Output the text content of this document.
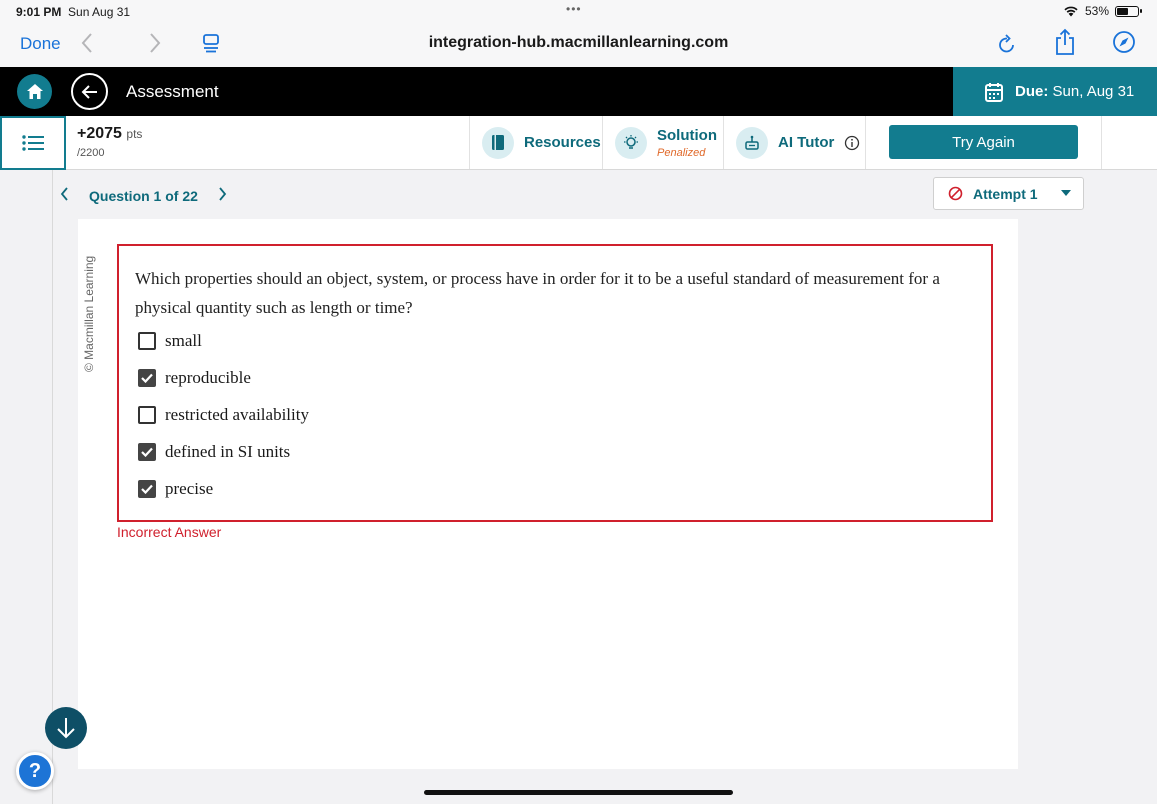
9:01 PM Sun Aug 31	•••	53%
Done	integration-hub.macmillanlearning.com
Assessment	Due: Sun, Aug 31
+2075 pts
/2200
Resources	Solution
Penalized
AI Tutor	Try Again
Question 1 of 22	Attempt 1
© Macmillan Learning Which properties should an object, system, or process have in order for it to be a useful standard of measurement for a physical quantity such as length or time?
small
reproducible
restricted availability
defined in SI units
precise
Incorrect Answer
?
